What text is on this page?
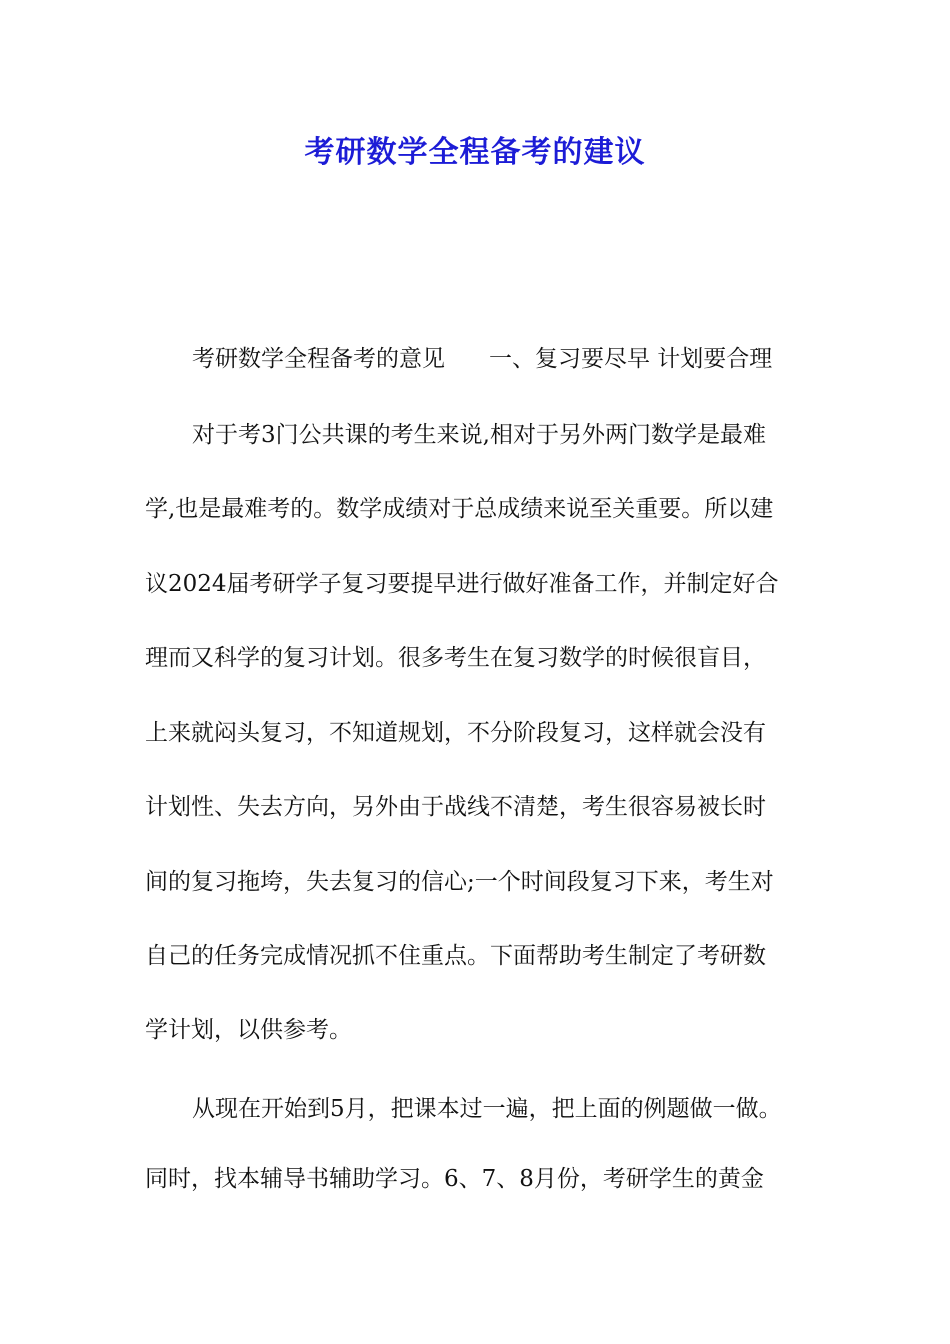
考研数学全程备考的建议
考研数学全程备考的意见 一、复习要尽早 计划要合理
对于考3门公共课的考生来说,相对于另外两门数学是最难
学,也是最难考的。数学成绩对于总成绩来说至关重要。所以建
议2024届考研学子复习要提早进行做好准备工作，并制定好合
理而又科学的复习计划。很多考生在复习数学的时候很盲目，
上来就闷头复习，不知道规划，不分阶段复习，这样就会没有
计划性、失去方向，另外由于战线不清楚，考生很容易被长时
间的复习拖垮，失去复习的信心;一个时间段复习下来，考生对
自己的任务完成情况抓不住重点。下面帮助考生制定了考研数
学计划，以供参考。
从现在开始到5月，把课本过一遍，把上面的例题做一做。
同时，找本辅导书辅助学习。6、7、8月份，考研学生的黄金
